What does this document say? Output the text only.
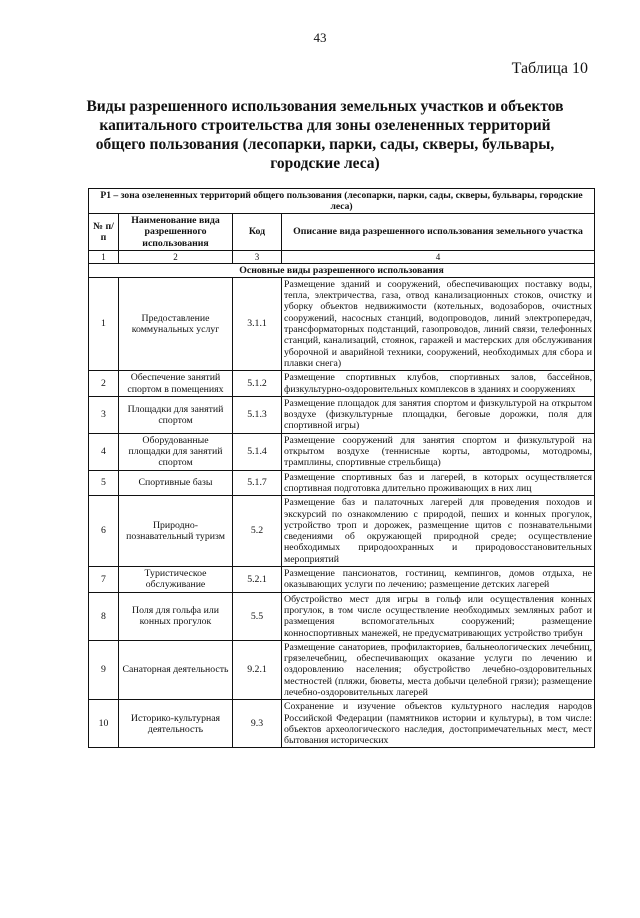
43
Таблица 10
Виды разрешенного использования земельных участков и объектов капитального строительства для зоны озелененных территорий общего пользования (лесопарки, парки, сады, скверы, бульвары, городские леса)
Р1 – зона озелененных территорий общего пользования (лесопарки, парки, сады, скверы, бульвары, городские леса)			
№ п/п	Наименование вида разрешенного использования	Код	Описание вида разрешенного использования земельного участка
1	2	3	4
Основные виды разрешенного использования			
1	Предоставление коммунальных услуг	3.1.1	Размещение зданий и сооружений, обеспечивающих поставку воды, тепла, электричества, газа, отвод канализационных стоков, очистку и уборку объектов недвижимости (котельных, водозаборов, очистных сооружений, насосных станций, водопроводов, линий электропередач, трансформаторных подстанций, газопроводов, линий связи, телефонных станций, канализаций, стоянок, гаражей и мастерских для обслуживания уборочной и аварийной техники, сооружений, необходимых для сбора и плавки снега)
2	Обеспечение занятий спортом в помещениях	5.1.2	Размещение спортивных клубов, спортивных залов, бассейнов, физкультурно-оздоровительных комплексов в зданиях и сооружениях
3	Площадки для занятий спортом	5.1.3	Размещение площадок для занятия спортом и физкультурой на открытом воздухе (физкультурные площадки, беговые дорожки, поля для спортивной игры)
4	Оборудованные площадки для занятий спортом	5.1.4	Размещение сооружений для занятия спортом и физкультурой на открытом воздухе (теннисные корты, автодромы, мотодромы, трамплины, спортивные стрельбища)
5	Спортивные базы	5.1.7	Размещение спортивных баз и лагерей, в которых осуществляется спортивная подготовка длительно проживающих в них лиц
6	Природно-познавательный туризм	5.2	Размещение баз и палаточных лагерей для проведения походов и экскурсий по ознакомлению с природой, пеших и конных прогулок, устройство троп и дорожек, размещение щитов с познавательными сведениями об окружающей природной среде; осуществление необходимых природоохранных и природовосстановительных мероприятий
7	Туристическое обслуживание	5.2.1	Размещение пансионатов, гостиниц, кемпингов, домов отдыха, не оказывающих услуги по лечению; размещение детских лагерей
8	Поля для гольфа или конных прогулок	5.5	Обустройство мест для игры в гольф или осуществления конных прогулок, в том числе осуществление необходимых земляных работ и размещения вспомогательных сооружений; размещение конноспортивных манежей, не предусматривающих устройство трибун
9	Санаторная деятельность	9.2.1	Размещение санаториев, профилакториев, бальнеологических лечебниц, грязелечебниц, обеспечивающих оказание услуги по лечению и оздоровлению населения; обустройство лечебно-оздоровительных местностей (пляжи, бюветы, места добычи целебной грязи); размещение лечебно-оздоровительных лагерей
10	Историко-культурная деятельность	9.3	Сохранение и изучение объектов культурного наследия народов Российской Федерации (памятников истории и культуры), в том числе: объектов археологического наследия, достопримечательных мест, мест бытования исторических
